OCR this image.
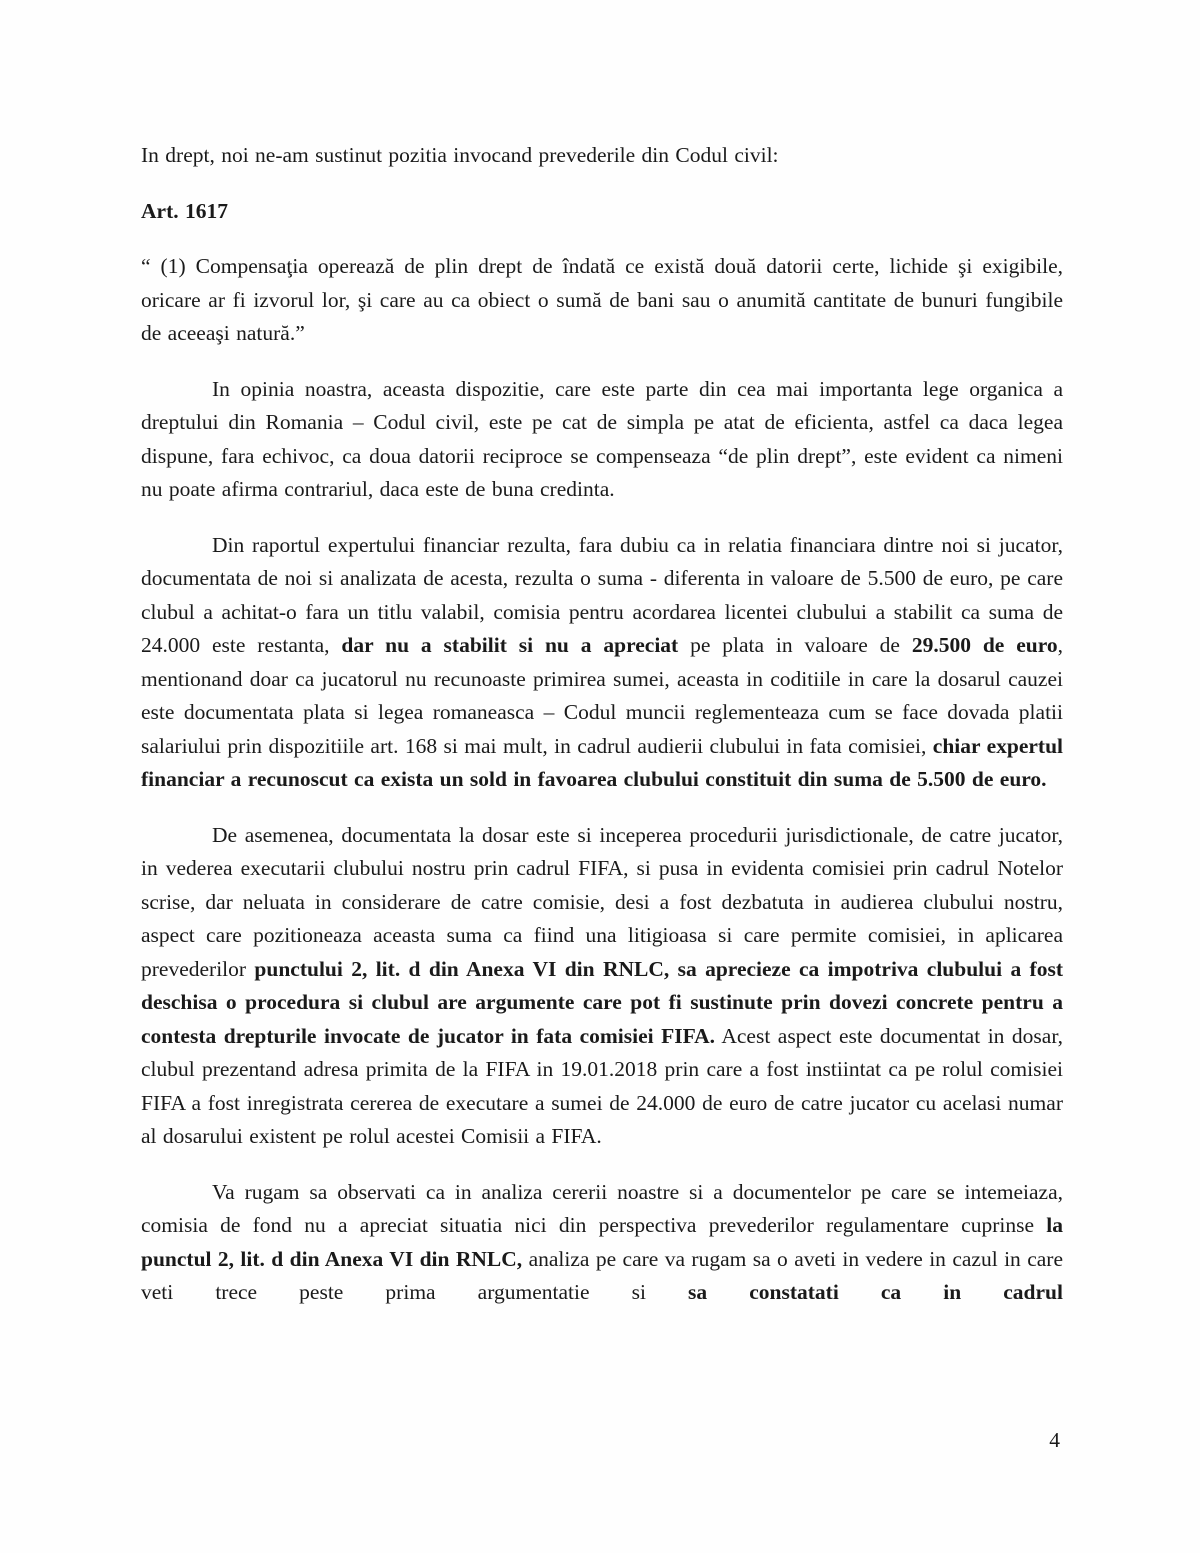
In drept, noi ne-am sustinut pozitia invocand prevederile din Codul civil:

Art. 1617

“ (1) Compensaţia operează de plin drept de îndată ce există două datorii certe, lichide şi exigibile, oricare ar fi izvorul lor, şi care au ca obiect o sumă de bani sau o anumită cantitate de bunuri fungibile de aceeaşi natură.”

In opinia noastra, aceasta dispozitie, care este parte din cea mai importanta lege organica a dreptului din Romania – Codul civil, este pe cat de simpla pe atat de eficienta, astfel ca daca legea dispune, fara echivoc, ca doua datorii reciproce se compenseaza “de plin drept”, este evident ca nimeni nu poate afirma contrariul, daca este de buna credinta.

Din raportul expertului financiar rezulta, fara dubiu ca in relatia financiara dintre noi si jucator, documentata de noi si analizata de acesta, rezulta o suma - diferenta in valoare de 5.500 de euro, pe care clubul a achitat-o fara un titlu valabil, comisia pentru acordarea licentei clubului a stabilit ca suma de 24.000 este restanta, dar nu a stabilit si nu a apreciat pe plata in valoare de 29.500 de euro, mentionand doar ca jucatorul nu recunoaste primirea sumei, aceasta in coditiile in care la dosarul cauzei este documentata plata si legea romaneasca – Codul muncii reglementeaza cum se face dovada platii salariului prin dispozitiile art. 168 si mai mult, in cadrul audierii clubului in fata comisiei, chiar expertul financiar a recunoscut ca exista un sold in favoarea clubului constituit din suma de 5.500 de euro.

De asemenea, documentata la dosar este si inceperea procedurii jurisdictionale, de catre jucator, in vederea executarii clubului nostru prin cadrul FIFA, si pusa in evidenta comisiei prin cadrul Notelor scrise, dar neluata in considerare de catre comisie, desi a fost dezbatuta in audierea clubului nostru, aspect care pozitioneaza aceasta suma ca fiind una litigioasa si care permite comisiei, in aplicarea prevederilor punctului 2, lit. d din Anexa VI din RNLC, sa aprecieze ca impotriva clubului a fost deschisa o procedura si clubul are argumente care pot fi sustinute prin dovezi concrete pentru a contesta drepturile invocate de jucator in fata comisiei FIFA. Acest aspect este documentat in dosar, clubul prezentand adresa primita de la FIFA in 19.01.2018 prin care a fost instiintat ca pe rolul comisiei FIFA a fost inregistrata cererea de executare a sumei de 24.000 de euro de catre jucator cu acelasi numar al dosarului existent pe rolul acestei Comisii a FIFA.

Va rugam sa observati ca in analiza cererii noastre si a documentelor pe care se intemeiaza, comisia de fond nu a apreciat situatia nici din perspectiva prevederilor regulamentare cuprinse la punctul 2, lit. d din Anexa VI din RNLC, analiza pe care va rugam sa o aveti in vedere in cazul in care veti trece peste prima argumentatie si sa constatati ca in cadrul

4
